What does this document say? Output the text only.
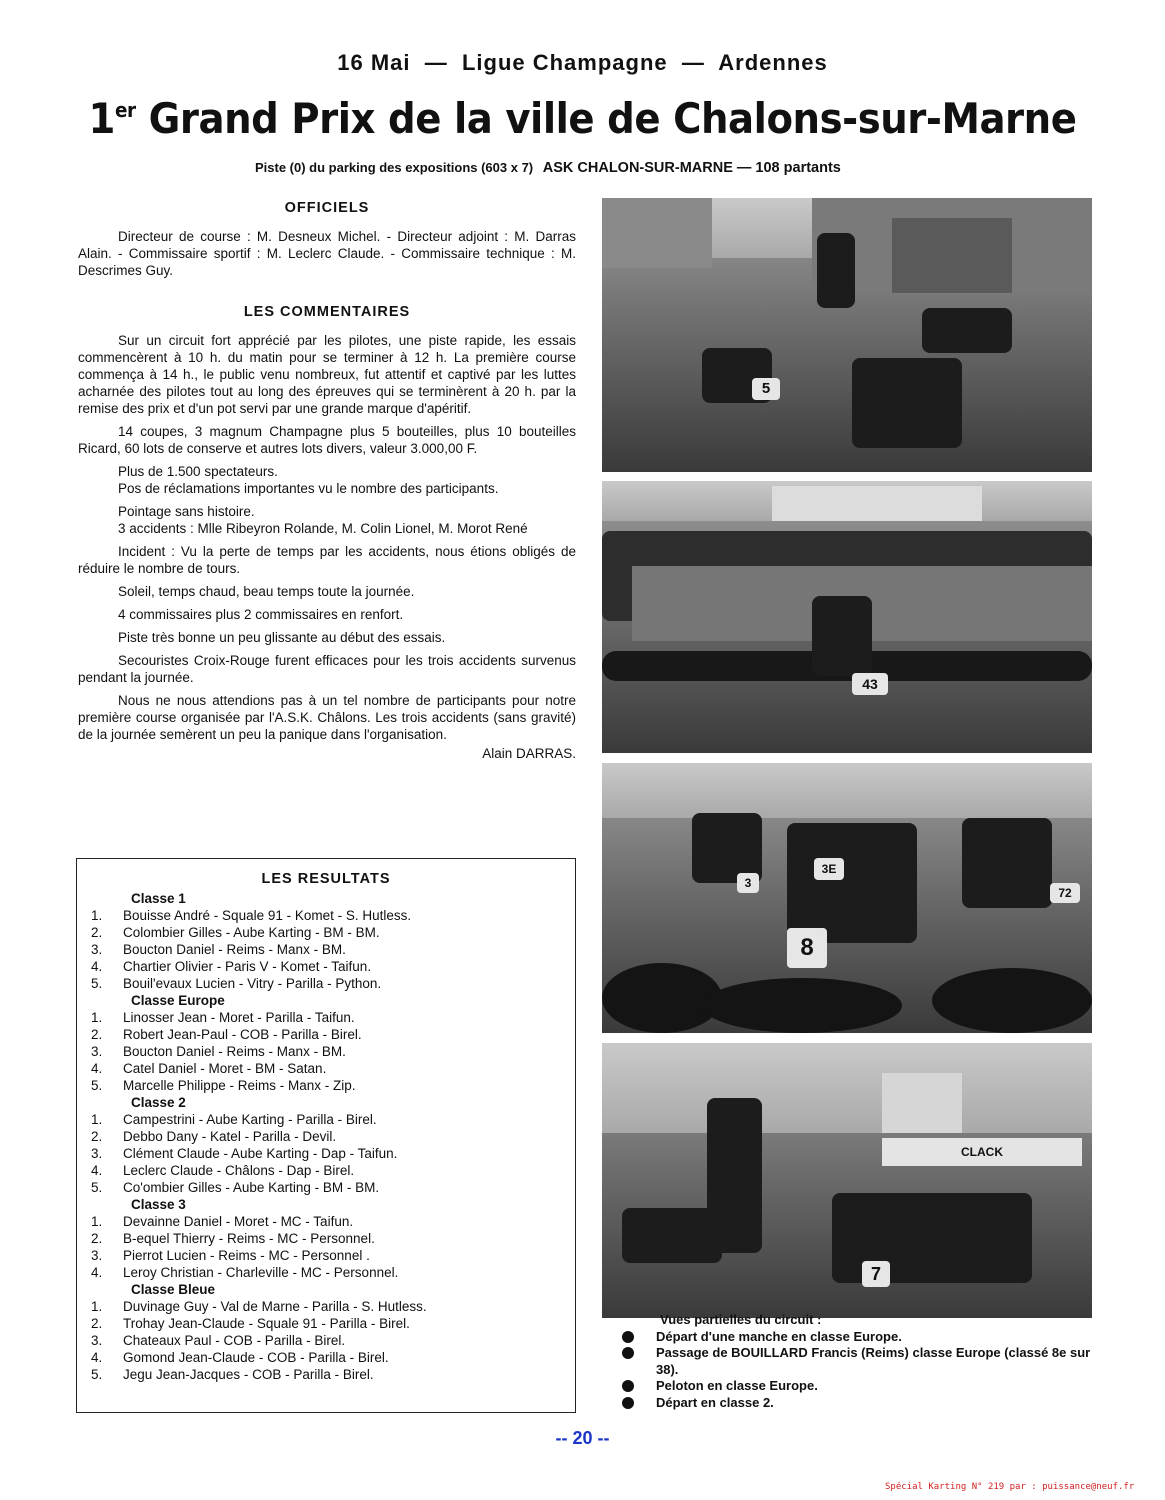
16 Mai  —  Ligue Champagne  —  Ardennes
1er Grand Prix de la ville de Chalons-sur-Marne
Piste (0) du parking des expositions (603 x 7) ASK CHALON-SUR-MARNE — 108 partants
OFFICIELS

Directeur de course : M. Desneux Michel. - Directeur adjoint : M. Darras Alain. - Commissaire sportif : M. Leclerc Claude. - Commissaire technique : M. Descrimes Guy.

LES COMMENTAIRES

Sur un circuit fort apprécié par les pilotes, une piste rapide, les essais commencèrent à 10 h. du matin pour se terminer à 12 h. La première course commença à 14 h., le public venu nombreux, fut attentif et captivé par les luttes acharnée des pilotes tout au long des épreuves qui se terminèrent à 20 h. par la remise des prix et d'un pot servi par une grande marque d'apéritif.

14 coupes, 3 magnum Champagne plus 5 bouteilles, plus 10 bouteilles Ricard, 60 lots de conserve et autres lots divers, valeur 3.000,00 F.

Plus de 1.500 spectateurs.

Pos de réclamations importantes vu le nombre des participants.

Pointage sans histoire.

3 accidents : Mlle Ribeyron Rolande, M. Colin Lionel, M. Morot René

Incident : Vu la perte de temps par les accidents, nous étions obligés de réduire le nombre de tours.

Soleil, temps chaud, beau temps toute la journée.

4 commissaires plus 2 commissaires en renfort.

Piste très bonne un peu glissante au début des essais.

Secouristes Croix-Rouge furent efficaces pour les trois accidents survenus pendant la journée.

Nous ne nous attendions pas à un tel nombre de participants pour notre première course organisée par l'A.S.K. Châlons. Les trois accidents (sans gravité) de la journée semèrent un peu la panique dans l'organisation.

Alain DARRAS.
LES RESULTATS
Classe 1
1.	Bouisse André - Squale 91 - Komet - S. Hutless.
2.	Colombier Gilles - Aube Karting - BM - BM.
3.	Boucton Daniel - Reims - Manx - BM.
4.	Chartier Olivier - Paris V - Komet - Taifun.
5.	Bouil'evaux Lucien - Vitry - Parilla - Python.
Classe Europe
1.	Linosser Jean - Moret - Parilla - Taifun.
2.	Robert Jean-Paul - COB - Parilla - Birel.
3.	Boucton Daniel - Reims - Manx - BM.
4.	Catel Daniel - Moret - BM - Satan.
5.	Marcelle Philippe - Reims - Manx - Zip.
Classe 2
1.	Campestrini - Aube Karting - Parilla - Birel.
2.	Debbo Dany - Katel - Parilla - Devil.
3.	Clément Claude - Aube Karting - Dap - Taifun.
4.	Leclerc Claude - Châlons - Dap - Birel.
5.	Co'ombier Gilles - Aube Karting - BM - BM.
Classe 3
1.	Devainne Daniel - Moret - MC - Taifun.
2.	B-equel Thierry - Reims - MC - Personnel.
3.	Pierrot Lucien - Reims - MC - Personnel .
4.	Leroy Christian - Charleville - MC - Personnel.
Classe Bleue
1.	Duvinage Guy - Val de Marne - Parilla - S. Hutless.
2.	Trohay Jean-Claude - Squale 91 - Parilla - Birel.
3.	Chateaux Paul - COB - Parilla - Birel.
4.	Gomond Jean-Claude - COB - Parilla - Birel.
5.	Jegu Jean-Jacques - COB - Parilla - Birel.
5
43
8
3
3E
72
CLACK
7
Vues partielles du circuit :
Départ d'une manche en classe Europe.
Passage de BOUILLARD Francis (Reims) classe Europe (classé 8e sur 38).
Peloton en classe Europe.
Départ en classe 2.
-- 20 --
Spécial Karting N° 219 par : puissance@neuf.fr
